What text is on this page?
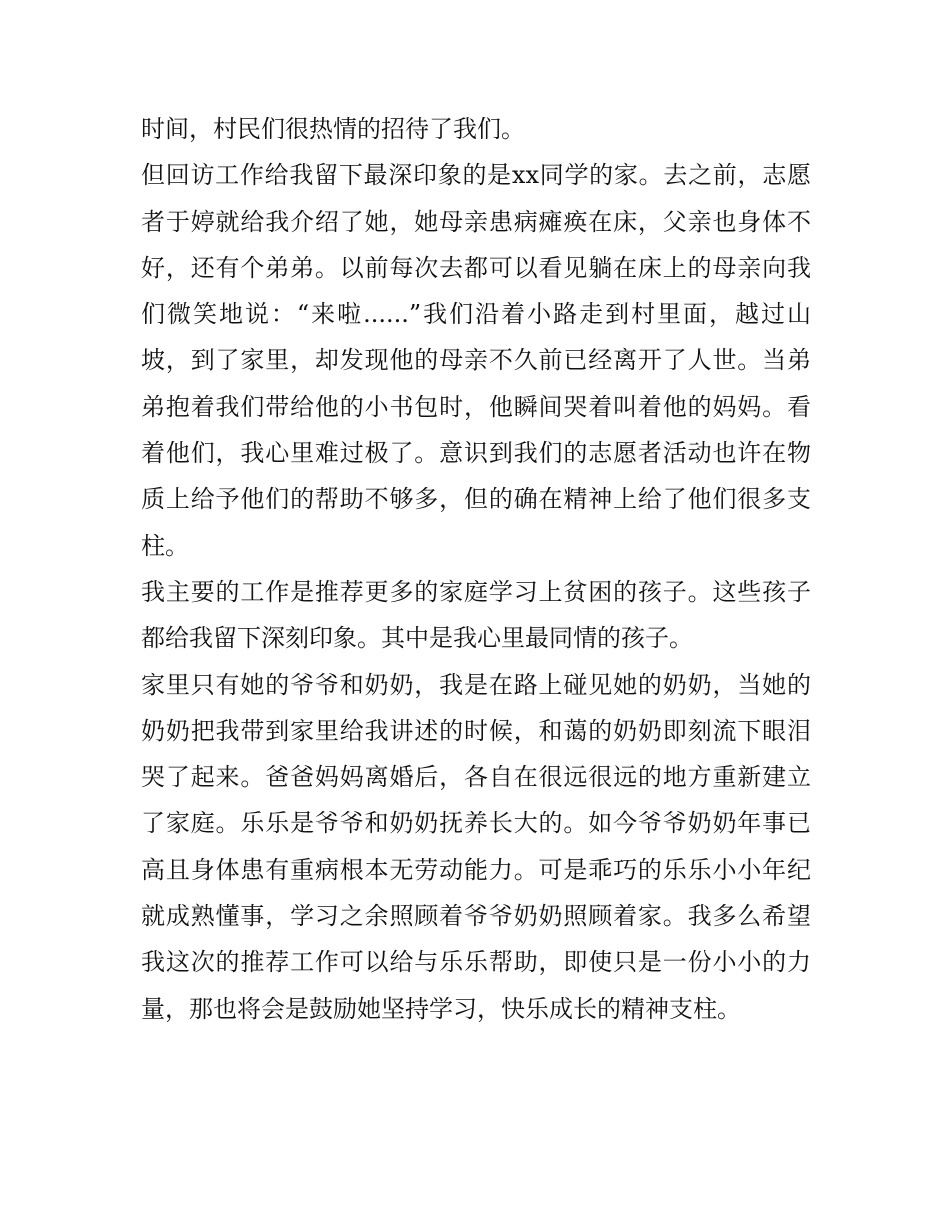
时间，村民们很热情的招待了我们。

但回访工作给我留下最深印象的是xx同学的家。去之前，志愿者于婷就给我介绍了她，她母亲患病瘫痪在床，父亲也身体不好，还有个弟弟。以前每次去都可以看见躺在床上的母亲向我们微笑地说：“来啦......”我们沿着小路走到村里面，越过山坡，到了家里，却发现他的母亲不久前已经离开了人世。当弟弟抱着我们带给他的小书包时，他瞬间哭着叫着他的妈妈。看着他们，我心里难过极了。意识到我们的志愿者活动也许在物质上给予他们的帮助不够多，但的确在精神上给了他们很多支柱。

我主要的工作是推荐更多的家庭学习上贫困的孩子。这些孩子都给我留下深刻印象。其中是我心里最同情的孩子。

家里只有她的爷爷和奶奶，我是在路上碰见她的奶奶，当她的奶奶把我带到家里给我讲述的时候，和蔼的奶奶即刻流下眼泪哭了起来。爸爸妈妈离婚后，各自在很远很远的地方重新建立了家庭。乐乐是爷爷和奶奶抚养长大的。如今爷爷奶奶年事已高且身体患有重病根本无劳动能力。可是乖巧的乐乐小小年纪就成熟懂事，学习之余照顾着爷爷奶奶照顾着家。我多么希望我这次的推荐工作可以给与乐乐帮助，即使只是一份小小的力量，那也将会是鼓励她坚持学习，快乐成长的精神支柱。
